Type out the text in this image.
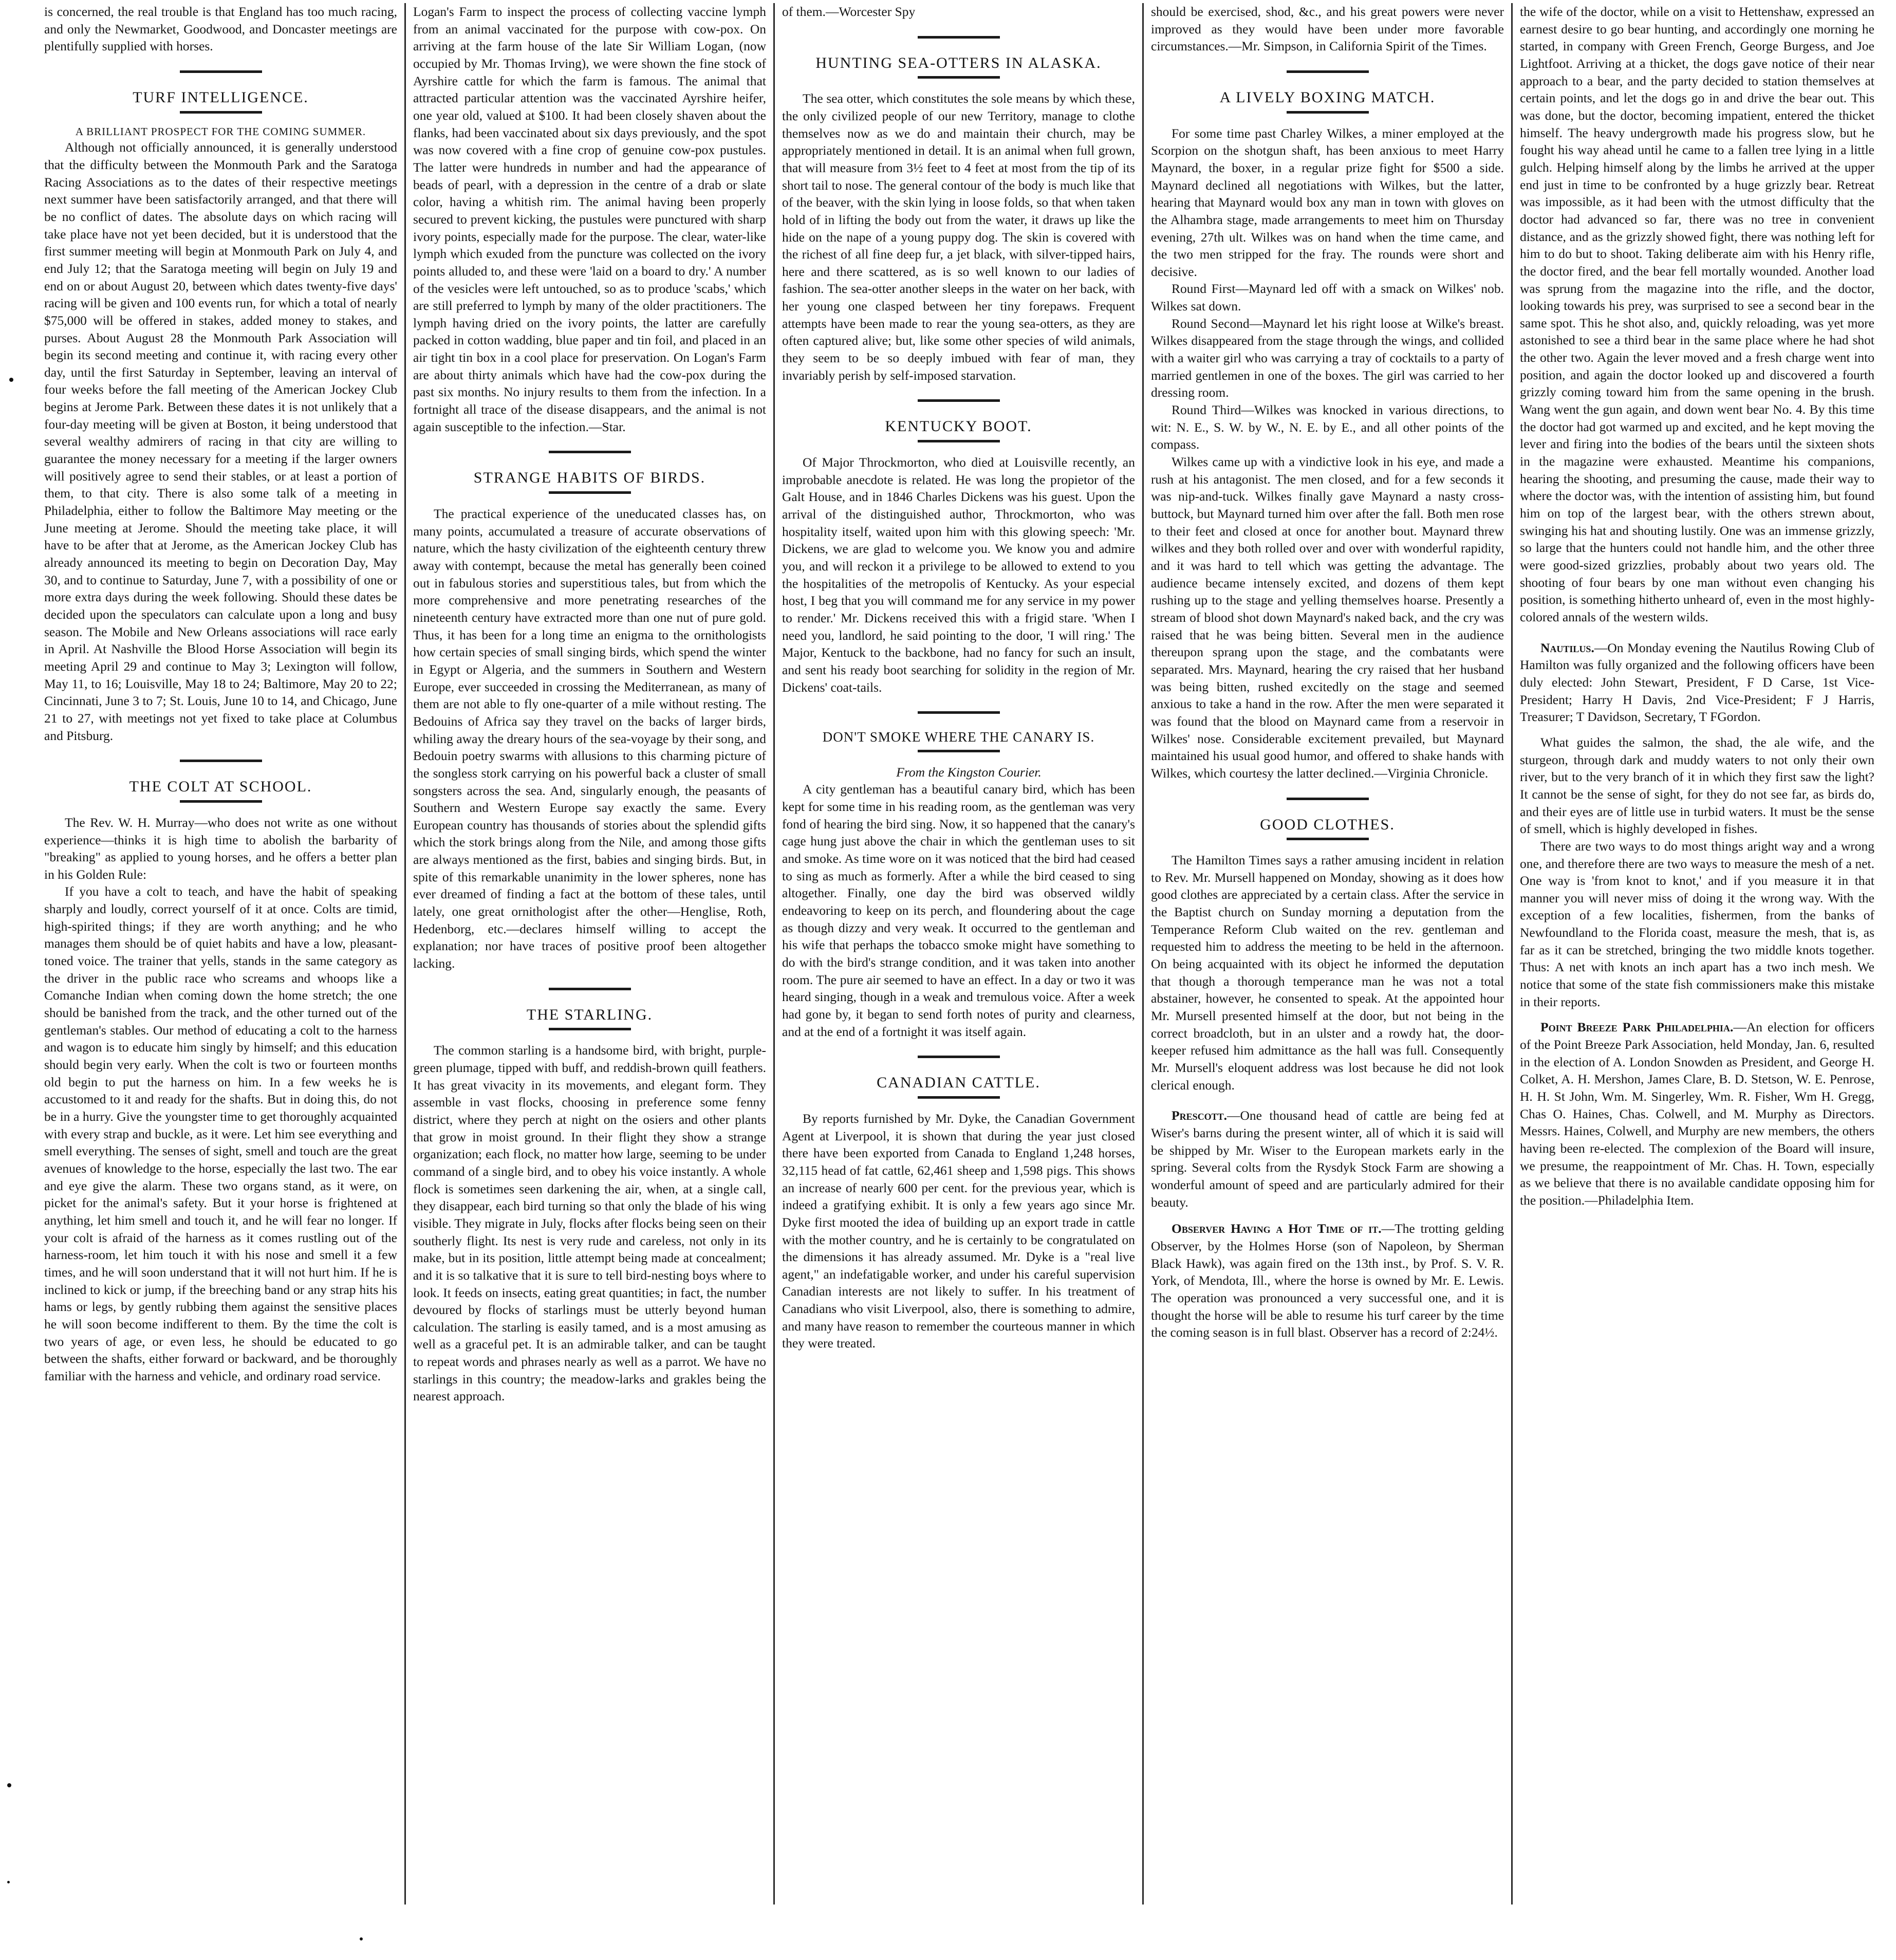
is concerned, the real trouble is that England has too much racing, and only the Newmarket, Goodwood, and Doncaster meetings are plentifully supplied with horses.

TURF INTELLIGENCE.

A BRILLIANT PROSPECT FOR THE COMING SUMMER.

Although not officially announced, it is generally understood that the difficulty between the Monmouth Park and the Saratoga Racing Associations as to the dates of their respective meetings next summer have been satisfactorily arranged, and that there will be no conflict of dates. The absolute days on which racing will take place have not yet been decided, but it is understood that the first summer meeting will begin at Monmouth Park on July 4, and end July 12; that the Saratoga meeting will begin on July 19 and end on or about August 20, between which dates twenty-five days' racing will be given and 100 events run, for which a total of nearly $75,000 will be offered in stakes, added money to stakes, and purses. About August 28 the Monmouth Park Association will begin its second meeting and continue it, with racing every other day, until the first Saturday in September, leaving an interval of four weeks before the fall meeting of the American Jockey Club begins at Jerome Park. Between these dates it is not unlikely that a four-day meeting will be given at Boston, it being understood that several wealthy admirers of racing in that city are willing to guarantee the money necessary for a meeting if the larger owners will positively agree to send their stables, or at least a portion of them, to that city. There is also some talk of a meeting in Philadelphia, either to follow the Baltimore May meeting or the June meeting at Jerome. Should the meeting take place, it will have to be after that at Jerome, as the American Jockey Club has already announced its meeting to begin on Decoration Day, May 30, and to continue to Saturday, June 7, with a possibility of one or more extra days during the week following. Should these dates be decided upon the speculators can calculate upon a long and busy season. The Mobile and New Orleans associations will race early in April. At Nashville the Blood Horse Association will begin its meeting April 29 and continue to May 3; Lexington will follow, May 11, to 16; Louisville, May 18 to 24; Baltimore, May 20 to 22; Cincinnati, June 3 to 7; St. Louis, June 10 to 14, and Chicago, June 21 to 27, with meetings not yet fixed to take place at Columbus and Pitsburg.

THE COLT AT SCHOOL.

The Rev. W. H. Murray—who does not write as one without experience—thinks it is high time to abolish the barbarity of "breaking" as applied to young horses, and he offers a better plan in his Golden Rule:

If you have a colt to teach, and have the habit of speaking sharply and loudly, correct yourself of it at once. Colts are timid, high-spirited things; if they are worth anything; and he who manages them should be of quiet habits and have a low, pleasant-toned voice. The trainer that yells, stands in the same category as the driver in the public race who screams and whoops like a Comanche Indian when coming down the home stretch; the one should be banished from the track, and the other turned out of the gentleman's stables. Our method of educating a colt to the harness and wagon is to educate him singly by himself; and this education should begin very early. When the colt is two or fourteen months old begin to put the harness on him. In a few weeks he is accustomed to it and ready for the shafts. But in doing this, do not be in a hurry. Give the youngster time to get thoroughly acquainted with every strap and buckle, as it were. Let him see everything and smell everything. The senses of sight, smell and touch are the great avenues of knowledge to the horse, especially the last two. The ear and eye give the alarm. These two organs stand, as it were, on picket for the animal's safety. But it your horse is frightened at anything, let him smell and touch it, and he will fear no longer. If your colt is afraid of the harness as it comes rustling out of the harness-room, let him touch it with his nose and smell it a few times, and he will soon understand that it will not hurt him. If he is inclined to kick or jump, if the breeching band or any strap hits his hams or legs, by gently rubbing them against the sensitive places he will soon become indifferent to them. By the time the colt is two years of age, or even less, he should be educated to go between the shafts, either forward or backward, and be thoroughly familiar with the harness and vehicle, and ordinary road service.

Logan's Farm to inspect the process of collecting vaccine lymph from an animal vaccinated for the purpose with cow-pox. On arriving at the farm house of the late Sir William Logan, (now occupied by Mr. Thomas Irving), we were shown the fine stock of Ayrshire cattle for which the farm is famous. The animal that attracted particular attention was the vaccinated Ayrshire heifer, one year old, valued at $100. It had been closely shaven about the flanks, had been vaccinated about six days previously, and the spot was now covered with a fine crop of genuine cow-pox pustules. The latter were hundreds in number and had the appearance of beads of pearl, with a depression in the centre of a drab or slate color, having a whitish rim. The animal having been properly secured to prevent kicking, the pustules were punctured with sharp ivory points, especially made for the purpose. The clear, water-like lymph which exuded from the puncture was collected on the ivory points alluded to, and these were 'laid on a board to dry.' A number of the vesicles were left untouched, so as to produce 'scabs,' which are still preferred to lymph by many of the older practitioners. The lymph having dried on the ivory points, the latter are carefully packed in cotton wadding, blue paper and tin foil, and placed in an air tight tin box in a cool place for preservation. On Logan's Farm are about thirty animals which have had the cow-pox during the past six months. No injury results to them from the infection. In a fortnight all trace of the disease disappears, and the animal is not again susceptible to the infection.—Star.

STRANGE HABITS OF BIRDS.

The practical experience of the uneducated classes has, on many points, accumulated a treasure of accurate observations of nature, which the hasty civilization of the eighteenth century threw away with contempt, because the metal has generally been coined out in fabulous stories and superstitious tales, but from which the more comprehensive and more penetrating researches of the nineteenth century have extracted more than one nut of pure gold. Thus, it has been for a long time an enigma to the ornithologists how certain species of small singing birds, which spend the winter in Egypt or Algeria, and the summers in Southern and Western Europe, ever succeeded in crossing the Mediterranean, as many of them are not able to fly one-quarter of a mile without resting. The Bedouins of Africa say they travel on the backs of larger birds, whiling away the dreary hours of the sea-voyage by their song, and Bedouin poetry swarms with allusions to this charming picture of the songless stork carrying on his powerful back a cluster of small songsters across the sea. And, singularly enough, the peasants of Southern and Western Europe say exactly the same. Every European country has thousands of stories about the splendid gifts which the stork brings along from the Nile, and among those gifts are always mentioned as the first, babies and singing birds. But, in spite of this remarkable unanimity in the lower spheres, none has ever dreamed of finding a fact at the bottom of these tales, until lately, one great ornithologist after the other—Henglise, Roth, Hedenborg, etc.—declares himself willing to accept the explanation; nor have traces of positive proof been altogether lacking.

THE STARLING.

The common starling is a handsome bird, with bright, purple-green plumage, tipped with buff, and reddish-brown quill feathers. It has great vivacity in its movements, and elegant form. They assemble in vast flocks, choosing in preference some fenny district, where they perch at night on the osiers and other plants that grow in moist ground. In their flight they show a strange organization; each flock, no matter how large, seeming to be under command of a single bird, and to obey his voice instantly. A whole flock is sometimes seen darkening the air, when, at a single call, they disappear, each bird turning so that only the blade of his wing visible. They migrate in July, flocks after flocks being seen on their southerly flight. Its nest is very rude and careless, not only in its make, but in its position, little attempt being made at concealment; and it is so talkative that it is sure to tell bird-nesting boys where to look. It feeds on insects, eating great quantities; in fact, the number devoured by flocks of starlings must be utterly beyond human calculation. The starling is easily tamed, and is a most amusing as well as a graceful pet. It is an admirable talker, and can be taught to repeat words and phrases nearly as well as a parrot. We have no starlings in this country; the meadow-larks and grakles being the nearest approach.

of them.—Worcester Spy

HUNTING SEA-OTTERS IN ALASKA.

The sea otter, which constitutes the sole means by which these, the only civilized people of our new Territory, manage to clothe themselves now as we do and maintain their church, may be appropriately mentioned in detail. It is an animal when full grown, that will measure from 3½ feet to 4 feet at most from the tip of its short tail to nose. The general contour of the body is much like that of the beaver, with the skin lying in loose folds, so that when taken hold of in lifting the body out from the water, it draws up like the hide on the nape of a young puppy dog. The skin is covered with the richest of all fine deep fur, a jet black, with silver-tipped hairs, here and there scattered, as is so well known to our ladies of fashion. The sea-otter another sleeps in the water on her back, with her young one clasped between her tiny forepaws. Frequent attempts have been made to rear the young sea-otters, as they are often captured alive; but, like some other species of wild animals, they seem to be so deeply imbued with fear of man, they invariably perish by self-imposed starvation.

KENTUCKY BOOT.

Of Major Throckmorton, who died at Louisville recently, an improbable anecdote is related. He was long the propietor of the Galt House, and in 1846 Charles Dickens was his guest. Upon the arrival of the distinguished author, Throckmorton, who was hospitality itself, waited upon him with this glowing speech: 'Mr. Dickens, we are glad to welcome you. We know you and admire you, and will reckon it a privilege to be allowed to extend to you the hospitalities of the metropolis of Kentucky. As your especial host, I beg that you will command me for any service in my power to render.' Mr. Dickens received this with a frigid stare. 'When I need you, landlord, he said pointing to the door, 'I will ring.' The Major, Kentuck to the backbone, had no fancy for such an insult, and sent his ready boot searching for solidity in the region of Mr. Dickens' coat-tails.

DON'T SMOKE WHERE THE CANARY IS.

From the Kingston Courier.

A city gentleman has a beautiful canary bird, which has been kept for some time in his reading room, as the gentleman was very fond of hearing the bird sing. Now, it so happened that the canary's cage hung just above the chair in which the gentleman uses to sit and smoke. As time wore on it was noticed that the bird had ceased to sing as much as formerly. After a while the bird ceased to sing altogether. Finally, one day the bird was observed wildly endeavoring to keep on its perch, and floundering about the cage as though dizzy and very weak. It occurred to the gentleman and his wife that perhaps the tobacco smoke might have something to do with the bird's strange condition, and it was taken into another room. The pure air seemed to have an effect. In a day or two it was heard singing, though in a weak and tremulous voice. After a week had gone by, it began to send forth notes of purity and clearness, and at the end of a fortnight it was itself again.

CANADIAN CATTLE.

By reports furnished by Mr. Dyke, the Canadian Government Agent at Liverpool, it is shown that during the year just closed there have been exported from Canada to England 1,248 horses, 32,115 head of fat cattle, 62,461 sheep and 1,598 pigs. This shows an increase of nearly 600 per cent. for the previous year, which is indeed a gratifying exhibit. It is only a few years ago since Mr. Dyke first mooted the idea of building up an export trade in cattle with the mother country, and he is certainly to be congratulated on the dimensions it has already assumed. Mr. Dyke is a "real live agent," an indefatigable worker, and under his careful supervision Canadian interests are not likely to suffer. In his treatment of Canadians who visit Liverpool, also, there is something to admire, and many have reason to remember the courteous manner in which they were treated.

should be exercised, shod, &c., and his great powers were never improved as they would have been under more favorable circumstances.—Mr. Simpson, in California Spirit of the Times.

A LIVELY BOXING MATCH.

For some time past Charley Wilkes, a miner employed at the Scorpion on the shotgun shaft, has been anxious to meet Harry Maynard, the boxer, in a regular prize fight for $500 a side. Maynard declined all negotiations with Wilkes, but the latter, hearing that Maynard would box any man in town with gloves on the Alhambra stage, made arrangements to meet him on Thursday evening, 27th ult. Wilkes was on hand when the time came, and the two men stripped for the fray. The rounds were short and decisive.

Round First—Maynard led off with a smack on Wilkes' nob. Wilkes sat down.

Round Second—Maynard let his right loose at Wilke's breast. Wilkes disappeared from the stage through the wings, and collided with a waiter girl who was carrying a tray of cocktails to a party of married gentlemen in one of the boxes. The girl was carried to her dressing room.

Round Third—Wilkes was knocked in various directions, to wit: N. E., S. W. by W., N. E. by E., and all other points of the compass.

Wilkes came up with a vindictive look in his eye, and made a rush at his antagonist. The men closed, and for a few seconds it was nip-and-tuck. Wilkes finally gave Maynard a nasty cross-buttock, but Maynard turned him over after the fall. Both men rose to their feet and closed at once for another bout. Maynard threw wilkes and they both rolled over and over with wonderful rapidity, and it was hard to tell which was getting the advantage. The audience became intensely excited, and dozens of them kept rushing up to the stage and yelling themselves hoarse. Presently a stream of blood shot down Maynard's naked back, and the cry was raised that he was being bitten. Several men in the audience thereupon sprang upon the stage, and the combatants were separated. Mrs. Maynard, hearing the cry raised that her husband was being bitten, rushed excitedly on the stage and seemed anxious to take a hand in the row. After the men were separated it was found that the blood on Maynard came from a reservoir in Wilkes' nose. Considerable excitement prevailed, but Maynard maintained his usual good humor, and offered to shake hands with Wilkes, which courtesy the latter declined.—Virginia Chronicle.

GOOD CLOTHES.

The Hamilton Times says a rather amusing incident in relation to Rev. Mr. Mursell happened on Monday, showing as it does how good clothes are appreciated by a certain class. After the service in the Baptist church on Sunday morning a deputation from the Temperance Reform Club waited on the rev. gentleman and requested him to address the meeting to be held in the afternoon. On being acquainted with its object he informed the deputation that though a thorough temperance man he was not a total abstainer, however, he consented to speak. At the appointed hour Mr. Mursell presented himself at the door, but not being in the correct broadcloth, but in an ulster and a rowdy hat, the door-keeper refused him admittance as the hall was full. Consequently Mr. Mursell's eloquent address was lost because he did not look clerical enough.

Prescott.—One thousand head of cattle are being fed at Wiser's barns during the present winter, all of which it is said will be shipped by Mr. Wiser to the European markets early in the spring. Several colts from the Rysdyk Stock Farm are showing a wonderful amount of speed and are particularly admired for their beauty.

Observer Having a Hot Time of it.—The trotting gelding Observer, by the Holmes Horse (son of Napoleon, by Sherman Black Hawk), was again fired on the 13th inst., by Prof. S. V. R. York, of Mendota, Ill., where the horse is owned by Mr. E. Lewis. The operation was pronounced a very successful one, and it is thought the horse will be able to resume his turf career by the time the coming season is in full blast. Observer has a record of 2:24½.

the wife of the doctor, while on a visit to Hettenshaw, expressed an earnest desire to go bear hunting, and accordingly one morning he started, in company with Green French, George Burgess, and Joe Lightfoot. Arriving at a thicket, the dogs gave notice of their near approach to a bear, and the party decided to station themselves at certain points, and let the dogs go in and drive the bear out. This was done, but the doctor, becoming impatient, entered the thicket himself. The heavy undergrowth made his progress slow, but he fought his way ahead until he came to a fallen tree lying in a little gulch. Helping himself along by the limbs he arrived at the upper end just in time to be confronted by a huge grizzly bear. Retreat was impossible, as it had been with the utmost difficulty that the doctor had advanced so far, there was no tree in convenient distance, and as the grizzly showed fight, there was nothing left for him to do but to shoot. Taking deliberate aim with his Henry rifle, the doctor fired, and the bear fell mortally wounded. Another load was sprung from the magazine into the rifle, and the doctor, looking towards his prey, was surprised to see a second bear in the same spot. This he shot also, and, quickly reloading, was yet more astonished to see a third bear in the same place where he had shot the other two. Again the lever moved and a fresh charge went into position, and again the doctor looked up and discovered a fourth grizzly coming toward him from the same opening in the brush. Wang went the gun again, and down went bear No. 4. By this time the doctor had got warmed up and excited, and he kept moving the lever and firing into the bodies of the bears until the sixteen shots in the magazine were exhausted. Meantime his companions, hearing the shooting, and presuming the cause, made their way to where the doctor was, with the intention of assisting him, but found him on top of the largest bear, with the others strewn about, swinging his hat and shouting lustily. One was an immense grizzly, so large that the hunters could not handle him, and the other three were good-sized grizzlies, probably about two years old. The shooting of four bears by one man without even changing his position, is something hitherto unheard of, even in the most highly-colored annals of the western wilds.

Nautilus.—On Monday evening the Nautilus Rowing Club of Hamilton was fully organized and the following officers have been duly elected: John Stewart, President, F D Carse, 1st Vice-President; Harry H Davis, 2nd Vice-President; F J Harris, Treasurer; T Davidson, Secretary, T FGordon.

What guides the salmon, the shad, the ale wife, and the sturgeon, through dark and muddy waters to not only their own river, but to the very branch of it in which they first saw the light? It cannot be the sense of sight, for they do not see far, as birds do, and their eyes are of little use in turbid waters. It must be the sense of smell, which is highly developed in fishes.

There are two ways to do most things aright way and a wrong one, and therefore there are two ways to measure the mesh of a net. One way is 'from knot to knot,' and if you measure it in that manner you will never miss of doing it the wrong way. With the exception of a few localities, fishermen, from the banks of Newfoundland to the Florida coast, measure the mesh, that is, as far as it can be stretched, bringing the two middle knots together. Thus: A net with knots an inch apart has a two inch mesh. We notice that some of the state fish commissioners make this mistake in their reports.

Point Breeze Park Philadelphia.—An election for officers of the Point Breeze Park Association, held Monday, Jan. 6, resulted in the election of A. London Snowden as President, and George H. Colket, A. H. Mershon, James Clare, B. D. Stetson, W. E. Penrose, H. H. St John, Wm. M. Singerley, Wm. R. Fisher, Wm H. Gregg, Chas O. Haines, Chas. Colwell, and M. Murphy as Directors. Messrs. Haines, Colwell, and Murphy are new members, the others having been re-elected. The complexion of the Board will insure, we presume, the reappointment of Mr. Chas. H. Town, especially as we believe that there is no available candidate opposing him for the position.—Philadelphia Item.
